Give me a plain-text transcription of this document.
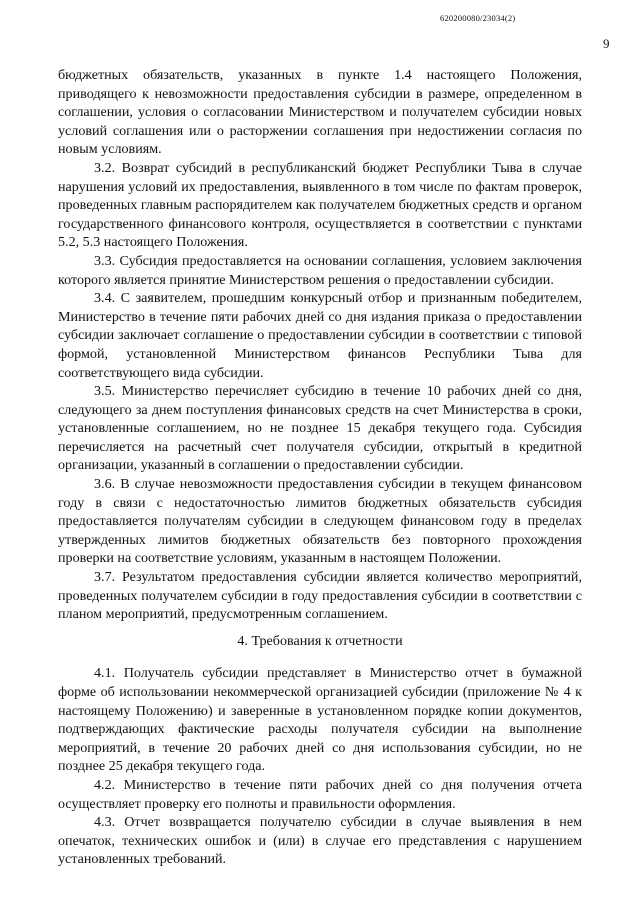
620200080/23034(2)
9

бюджетных обязательств, указанных в пункте 1.4 настоящего Положения, приводящего к невозможности предоставления субсидии в размере, определенном в соглашении, условия о согласовании Министерством и получателем субсидии новых условий соглашения или о расторжении соглашения при недостижении согласия по новым условиям.

3.2. Возврат субсидий в республиканский бюджет Республики Тыва в случае нарушения условий их предоставления, выявленного в том числе по фактам проверок, проведенных главным распорядителем как получателем бюджетных средств и органом государственного финансового контроля, осуществляется в соответствии с пунктами 5.2, 5.3 настоящего Положения.

3.3. Субсидия предоставляется на основании соглашения, условием заключения которого является принятие Министерством решения о предоставлении субсидии.

3.4. С заявителем, прошедшим конкурсный отбор и признанным победителем, Министерство в течение пяти рабочих дней со дня издания приказа о предоставлении субсидии заключает соглашение о предоставлении субсидии в соответствии с типовой формой, установленной Министерством финансов Республики Тыва для соответствующего вида субсидии.

3.5. Министерство перечисляет субсидию в течение 10 рабочих дней со дня, следующего за днем поступления финансовых средств на счет Министерства в сроки, установленные соглашением, но не позднее 15 декабря текущего года. Субсидия перечисляется на расчетный счет получателя субсидии, открытый в кредитной организации, указанный в соглашении о предоставлении субсидии.

3.6. В случае невозможности предоставления субсидии в текущем финансовом году в связи с недостаточностью лимитов бюджетных обязательств субсидия предоставляется получателям субсидии в следующем финансовом году в пределах утвержденных лимитов бюджетных обязательств без повторного прохождения проверки на соответствие условиям, указанным в настоящем Положении.

3.7. Результатом предоставления субсидии является количество мероприятий, проведенных получателем субсидии в году предоставления субсидии в соответствии с планом мероприятий, предусмотренным соглашением.

4. Требования к отчетности

4.1. Получатель субсидии представляет в Министерство отчет в бумажной форме об использовании некоммерческой организацией субсидии (приложение № 4 к настоящему Положению) и заверенные в установленном порядке копии документов, подтверждающих фактические расходы получателя субсидии на выполнение мероприятий, в течение 20 рабочих дней со дня использования субсидии, но не позднее 25 декабря текущего года.

4.2. Министерство в течение пяти рабочих дней со дня получения отчета осуществляет проверку его полноты и правильности оформления.

4.3. Отчет возвращается получателю субсидии в случае выявления в нем опечаток, технических ошибок и (или) в случае его представления с нарушением установленных требований.
